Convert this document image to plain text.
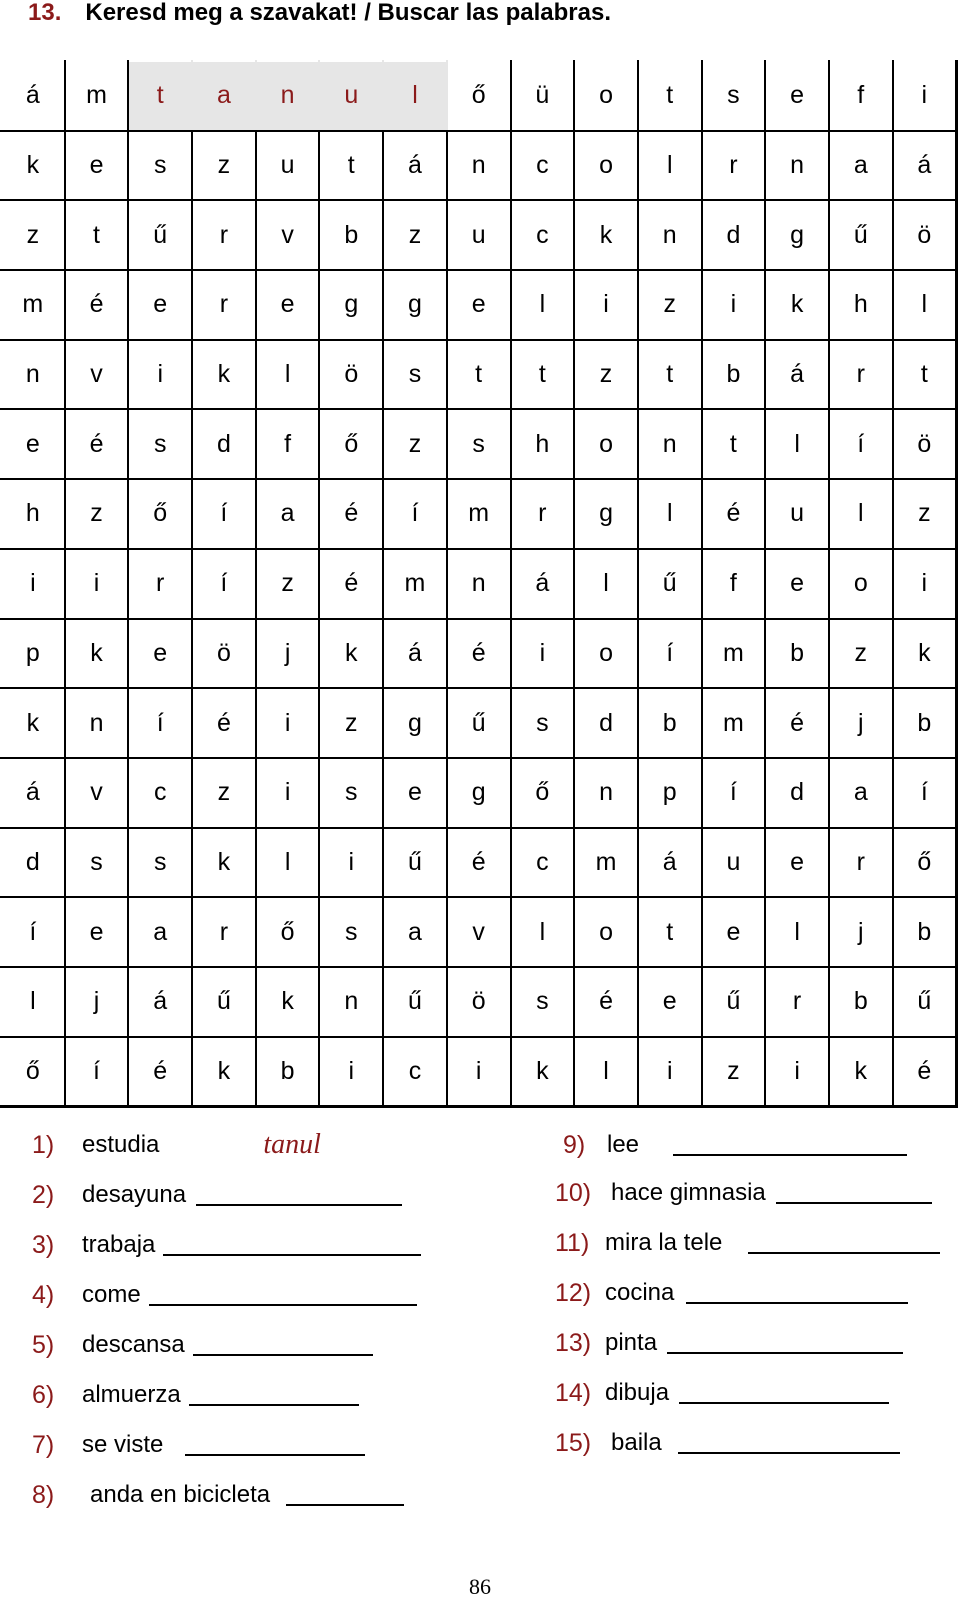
13. Keresd meg a szavakat! / Buscar las palabras.
á	m	t	a	n	u	l	ő	ü	o	t	s	e	f	i
k	e	s	z	u	t	á	n	c	o	l	r	n	a	á
z	t	ű	r	v	b	z	u	c	k	n	d	g	ű	ö
m	é	e	r	e	g	g	e	l	i	z	i	k	h	l
n	v	i	k	l	ö	s	t	t	z	t	b	á	r	t
e	é	s	d	f	ő	z	s	h	o	n	t	l	í	ö
h	z	ő	í	a	é	í	m	r	g	l	é	u	l	z
i	i	r	í	z	é	m	n	á	l	ű	f	e	o	i
p	k	e	ö	j	k	á	é	i	o	í	m	b	z	k
k	n	í	é	i	z	g	ű	s	d	b	m	é	j	b
á	v	c	z	i	s	e	g	ő	n	p	í	d	a	í
d	s	s	k	l	i	ű	é	c	m	á	u	e	r	ő
í	e	a	r	ő	s	a	v	l	o	t	e	l	j	b
l	j	á	ű	k	n	ű	ö	s	é	e	ű	r	b	ű
ő	í	é	k	b	i	c	i	k	l	i	z	i	k	é
1)	estudia	tanul
2)	desayuna
3)	trabaja
4)	come
5)	descansa
6)	almuerza
7)	se viste
8)	anda en bicicleta
9) lee
10) hace gimnasia
11) mira la tele
12) cocina
13) pinta
14) dibuja
15) baila
86
